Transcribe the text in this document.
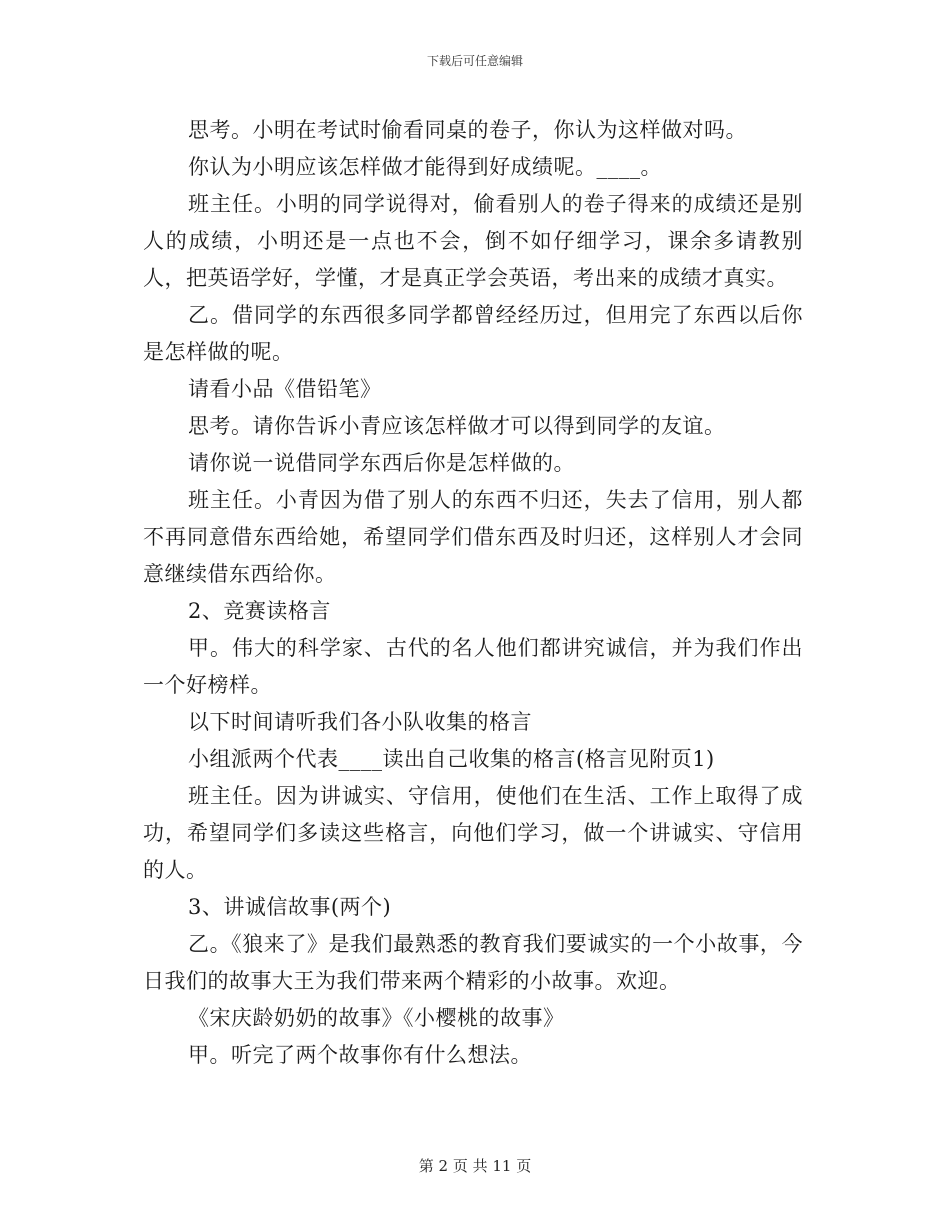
下载后可任意编辑

思考。小明在考试时偷看同桌的卷子，你认为这样做对吗。

你认为小明应该怎样做才能得到好成绩呢。____。

班主任。小明的同学说得对，偷看别人的卷子得来的成绩还是别人的成绩，小明还是一点也不会，倒不如仔细学习，课余多请教别人，把英语学好，学懂，才是真正学会英语，考出来的成绩才真实。

乙。借同学的东西很多同学都曾经经历过，但用完了东西以后你是怎样做的呢。

请看小品《借铅笔》

思考。请你告诉小青应该怎样做才可以得到同学的友谊。

请你说一说借同学东西后你是怎样做的。

班主任。小青因为借了别人的东西不归还，失去了信用，别人都不再同意借东西给她，希望同学们借东西及时归还，这样别人才会同意继续借东西给你。

2、竞赛读格言

甲。伟大的科学家、古代的名人他们都讲究诚信，并为我们作出一个好榜样。

以下时间请听我们各小队收集的格言

小组派两个代表____读出自己收集的格言(格言见附页1)

班主任。因为讲诚实、守信用，使他们在生活、工作上取得了成功，希望同学们多读这些格言，向他们学习，做一个讲诚实、守信用的人。

3、讲诚信故事(两个)

乙。《狼来了》是我们最熟悉的教育我们要诚实的一个小故事，今日我们的故事大王为我们带来两个精彩的小故事。欢迎。

《宋庆龄奶奶的故事》《小樱桃的故事》

甲。听完了两个故事你有什么想法。

第 2 页 共 11 页
